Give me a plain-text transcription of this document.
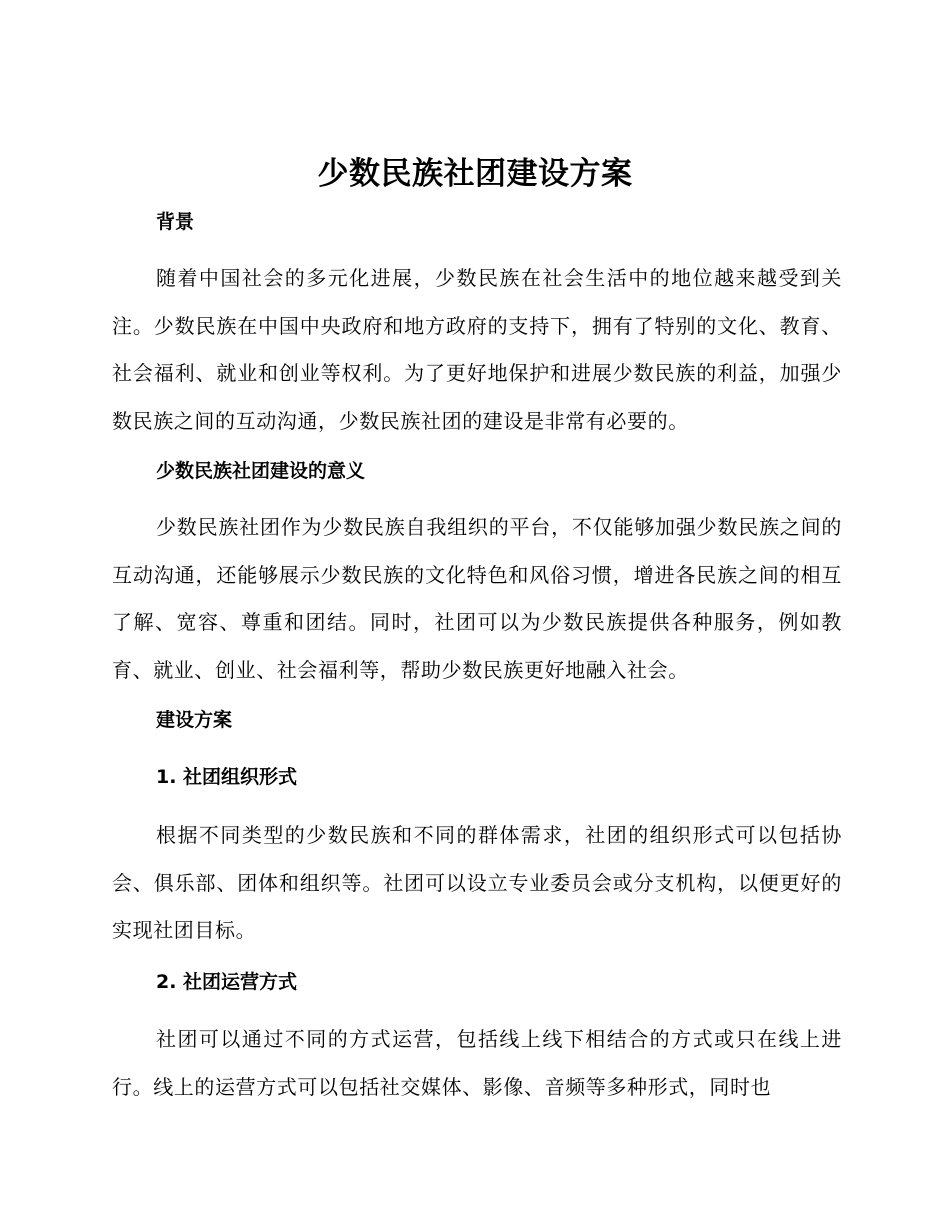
少数民族社团建设方案
背景
随着中国社会的多元化进展，少数民族在社会生活中的地位越来越受到关注。少数民族在中国中央政府和地方政府的支持下，拥有了特别的文化、教育、社会福利、就业和创业等权利。为了更好地保护和进展少数民族的利益，加强少数民族之间的互动沟通，少数民族社团的建设是非常有必要的。
少数民族社团建设的意义
少数民族社团作为少数民族自我组织的平台，不仅能够加强少数民族之间的互动沟通，还能够展示少数民族的文化特色和风俗习惯，增进各民族之间的相互了解、宽容、尊重和团结。同时，社团可以为少数民族提供各种服务，例如教育、就业、创业、社会福利等，帮助少数民族更好地融入社会。
建设方案
1. 社团组织形式
根据不同类型的少数民族和不同的群体需求，社团的组织形式可以包括协会、俱乐部、团体和组织等。社团可以设立专业委员会或分支机构，以便更好的实现社团目标。
2. 社团运营方式
社团可以通过不同的方式运营，包括线上线下相结合的方式或只在线上进行。线上的运营方式可以包括社交媒体、影像、音频等多种形式，同时也
